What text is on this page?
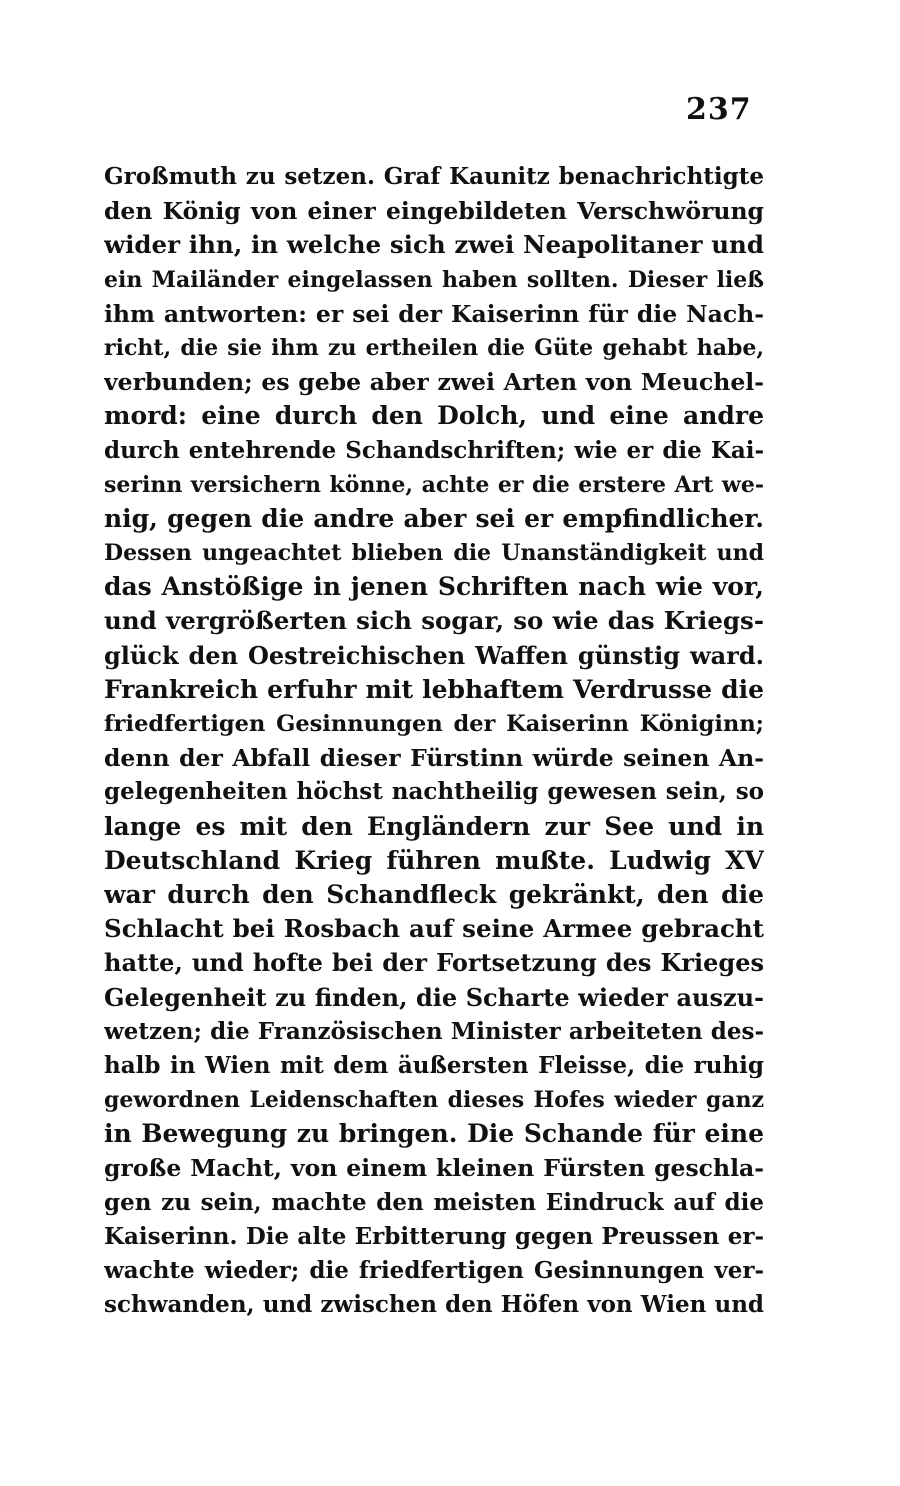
237
Großmuth zu setzen. Graf Kaunitz benachrichtigte
den König von einer eingebildeten Verschwörung
wider ihn, in welche sich zwei Neapolitaner und
ein Mailänder eingelassen haben sollten. Dieser ließ
ihm antworten: er sei der Kaiserinn für die Nach-
richt, die sie ihm zu ertheilen die Güte gehabt habe,
verbunden; es gebe aber zwei Arten von Meuchel-
mord: eine durch den Dolch, und eine andre
durch entehrende Schandschriften; wie er die Kai-
serinn versichern könne, achte er die erstere Art we-
nig, gegen die andre aber sei er empfindlicher.
Dessen ungeachtet blieben die Unanständigkeit und
das Anstößige in jenen Schriften nach wie vor,
und vergrößerten sich sogar, so wie das Kriegs-
glück den Oestreichischen Waffen günstig ward.
Frankreich erfuhr mit lebhaftem Verdrusse die
friedfertigen Gesinnungen der Kaiserinn Königinn;
denn der Abfall dieser Fürstinn würde seinen An-
gelegenheiten höchst nachtheilig gewesen sein, so
lange es mit den Engländern zur See und in
Deutschland Krieg führen mußte. Ludwig XV
war durch den Schandfleck gekränkt, den die
Schlacht bei Rosbach auf seine Armee gebracht
hatte, und hofte bei der Fortsetzung des Krieges
Gelegenheit zu finden, die Scharte wieder auszu-
wetzen; die Französischen Minister arbeiteten des-
halb in Wien mit dem äußersten Fleisse, die ruhig
gewordnen Leidenschaften dieses Hofes wieder ganz
in Bewegung zu bringen. Die Schande für eine
große Macht, von einem kleinen Fürsten geschla-
gen zu sein, machte den meisten Eindruck auf die
Kaiserinn. Die alte Erbitterung gegen Preussen er-
wachte wieder; die friedfertigen Gesinnungen ver-
schwanden, und zwischen den Höfen von Wien und
